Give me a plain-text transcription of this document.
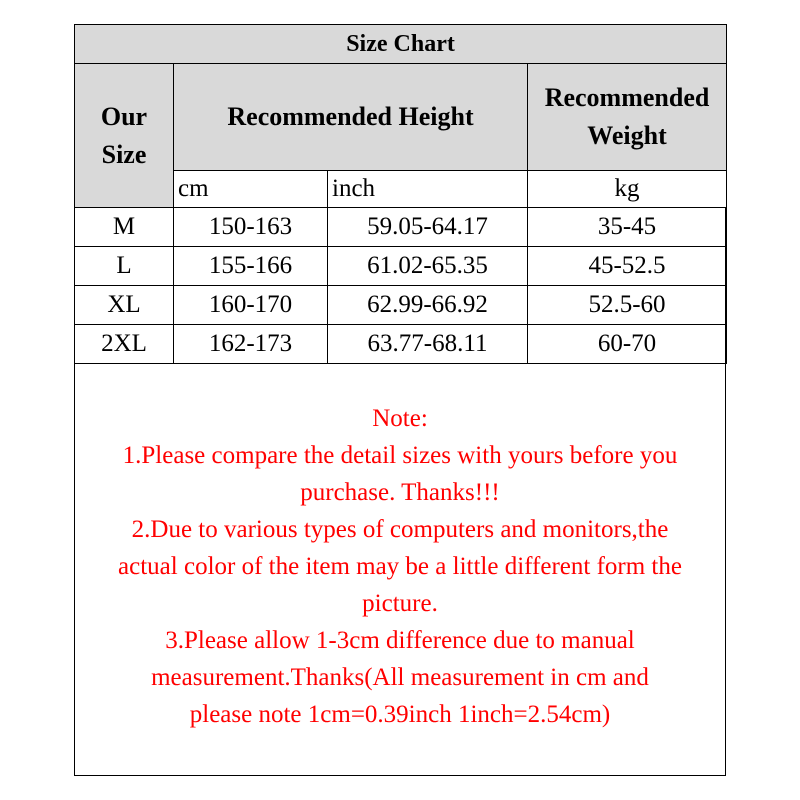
Size Chart			
Our Size	Recommended Height		Recommended Weight
	cm	inch	kg
M	150-163	59.05-64.17	35-45
L	155-166	61.02-65.35	45-52.5
XL	160-170	62.99-66.92	52.5-60
2XL	162-173	63.77-68.11	60-70
Note:
1.Please compare the detail sizes with yours before you
purchase. Thanks!!!
2.Due to various types of computers and monitors,the
actual color of the item may be a little different form the
picture.
3.Please allow 1-3cm difference due to manual
measurement.Thanks(All measurement in cm and
please note 1cm=0.39inch 1inch=2.54cm)
